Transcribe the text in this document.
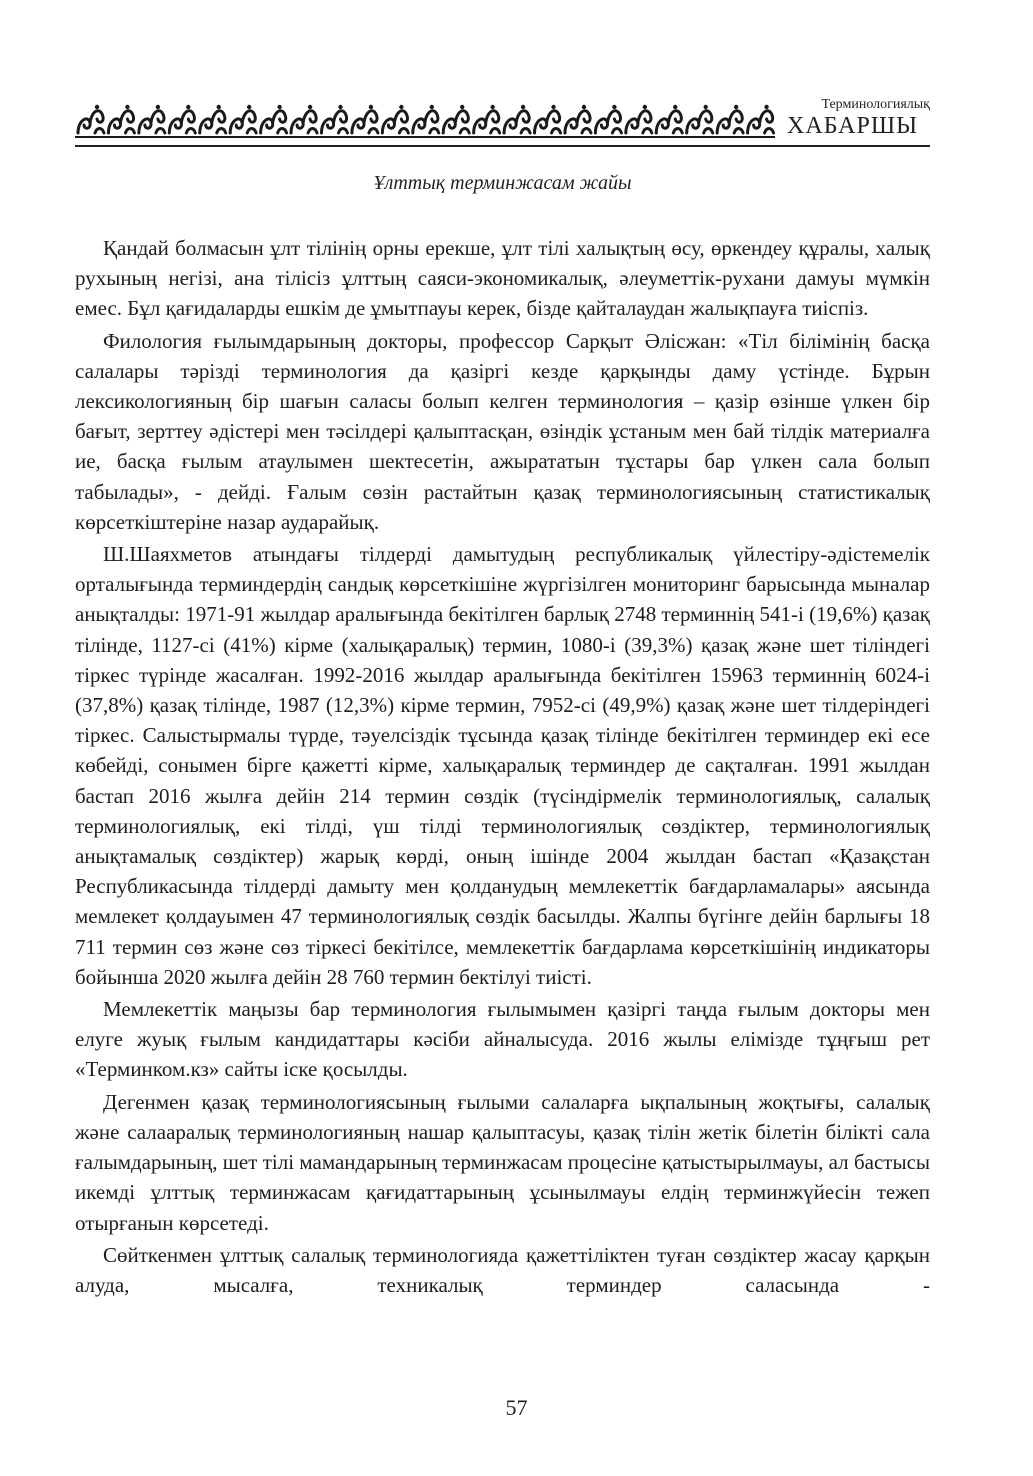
Терминологиялық
ХАБАРШЫ
Ұлттық терминжасам жайы

Қандай болмасын ұлт тілінің орны ерекше, ұлт тілі халықтың өсу, өркендеу құралы, халық рухының негізі, ана тілісіз ұлттың саяси-экономикалық, әлеуметтік-рухани дамуы мүмкін емес. Бұл қағидаларды ешкім де ұмытпауы керек, бізде қайталаудан жалықпауға тиіспіз.

Филология ғылымдарының докторы, профессор Сарқыт Әлісжан: «Тіл білімінің басқа салалары тәрізді терминология да қазіргі кезде қарқынды даму үстінде. Бұрын лексикологияның бір шағын саласы болып келген терминология – қазір өзінше үлкен бір бағыт, зерттеу әдістері мен тәсілдері қалыптасқан, өзіндік ұстаным мен бай тілдік материалға ие, басқа ғылым атаулымен шектесетін, ажырататын тұстары бар үлкен сала болып табылады», - дейді. Ғалым сөзін растайтын қазақ терминологиясының статистикалық көрсеткіштеріне назар аударайық.

Ш.Шаяхметов атындағы тілдерді дамытудың республикалық үйлестіру-әдістемелік орталығында терминдердің сандық көрсеткішіне жүргізілген мониторинг барысында мыналар анықталды: 1971-91 жылдар аралығында бекітілген барлық 2748 терминнің 541-і (19,6%) қазақ тілінде, 1127-сі (41%) кірме (халықаралық) термин, 1080-і (39,3%) қазақ және шет тіліндегі тіркес түрінде жасалған. 1992-2016 жылдар аралығында бекітілген 15963 терминнің 6024-і (37,8%) қазақ тілінде, 1987 (12,3%) кірме термин, 7952-сі (49,9%) қазақ және шет тілдеріндегі тіркес. Салыстырмалы түрде, тәуелсіздік тұсында қазақ тілінде бекітілген терминдер екі есе көбейді, сонымен бірге қажетті кірме, халықаралық терминдер де сақталған. 1991 жылдан бастап 2016 жылға дейін 214 термин сөздік (түсіндірмелік терминологиялық, салалық терминологиялық, екі тілді, үш тілді терминологиялық сөздіктер, терминологиялық анықтамалық сөздіктер) жарық көрді, оның ішінде 2004 жылдан бастап «Қазақстан Республикасында тілдерді дамыту мен қолданудың мемлекеттік бағдарламалары» аясында мемлекет қолдауымен 47 терминологиялық сөздік басылды. Жалпы бүгінге дейін барлығы 18 711 термин сөз және сөз тіркесі бекітілсе, мемлекеттік бағдарлама көрсеткішінің индикаторы бойынша 2020 жылға дейін 28 760 термин бектілуі тиісті.

Мемлекеттік маңызы бар терминология ғылымымен қазіргі таңда ғылым докторы мен елуге жуық ғылым кандидаттары кәсіби айналысуда. 2016 жылы елімізде тұңғыш рет «Терминком.кз» сайты іске қосылды.

Дегенмен қазақ терминологиясының ғылыми салаларға ықпалының жоқтығы, салалық және салааралық терминологияның нашар қалыптасуы, қазақ тілін жетік білетін білікті сала ғалымдарының, шет тілі мамандарының терминжасам процесіне қатыстырылмауы, ал бастысы икемді ұлттық терминжасам қағидаттарының ұсынылмауы елдің терминжүйесін тежеп отырғанын көрсетеді.

Сөйткенмен ұлттық салалық терминологияда қажеттіліктен туған сөздіктер жасау қарқын алуда, мысалға, техникалық терминдер саласында -

57
